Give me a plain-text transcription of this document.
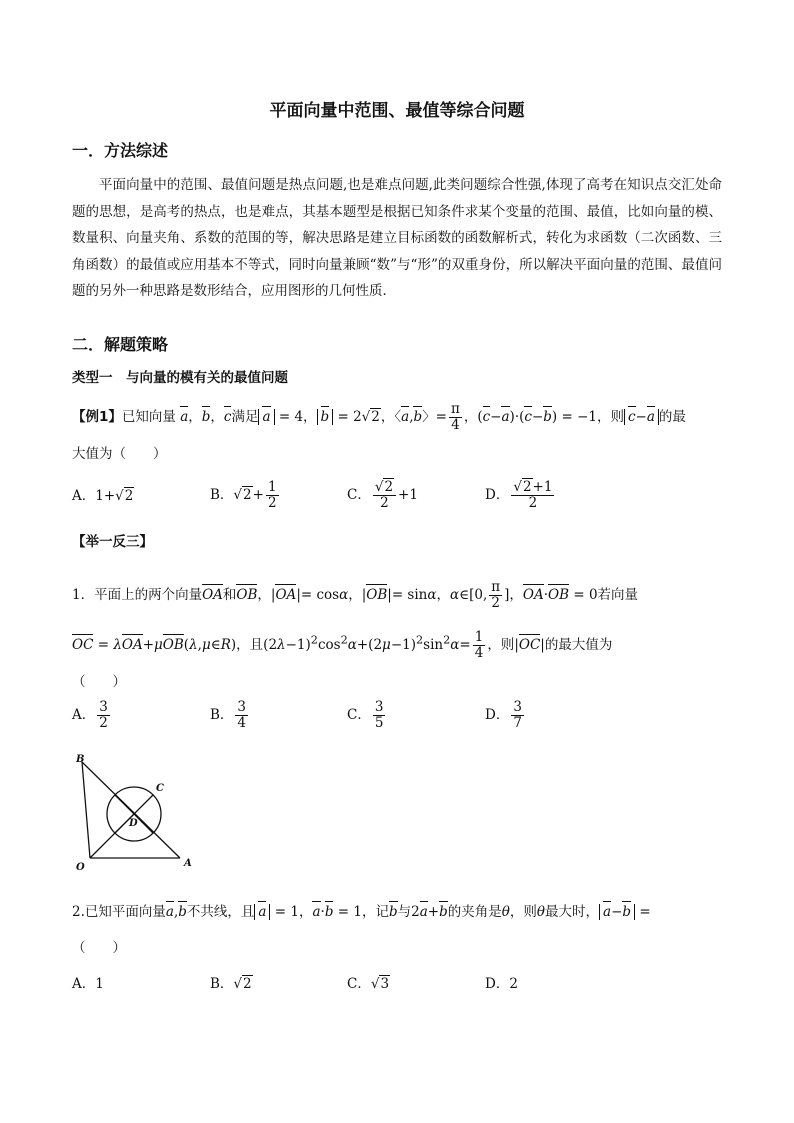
平面向量中范围、最值等综合问题
一．方法综述
平面向量中的范围、最值问题是热点问题,也是难点问题,此类问题综合性强,体现了高考在知识点交汇处命题的思想，是高考的热点，也是难点，其基本题型是根据已知条件求某个变量的范围、最值，比如向量的模、数量积、向量夹角、系数的范围的等，解决思路是建立目标函数的函数解析式，转化为求函数（二次函数、三角函数）的最值或应用基本不等式，同时向量兼顾“数”与“形”的双重身份，所以解决平面向量的范围、最值问题的另外一种思路是数形结合，应用图形的几何性质．
二．解题策略
类型一　与向量的模有关的最值问题
【例1】已知向量 a，b，c满足 a = 4， b = 2√2，〈a,b〉= $\frac{\pi}{4}$ ，(c−a)·(c−b) = −1，则 c−a 的最
大值为（　　）
A．1+√2	B．$√2+ \frac{1}{2}$	C． $\frac{√2}{2} +1$	D． $\frac{√2+1}{2}$
【举一反三】
1．平面上的两个向量OA和OB，|OA|= cosα，|OB|= sinα，α∈[0, $\frac{\pi}{2}$ ]，OA·OB = 0若向量
OC = λOA+μOB(λ,μ∈R)，且$(2\lambda-1)^2\cos^2\alpha+(2\mu-1)^2\sin^2\alpha= \frac{1}{4}$ ，则|OC|的最大值为
（　　）
A． $\frac{3}{2}$	B． $\frac{3}{4}$	C． $\frac{3}{5}$	D． $\frac{3}{7}$
B
C
D
O	A
2.已知平面向量a,b不共线，且 a = 1，a·b = 1，记b与2a+b的夹角是θ，则θ最大时， a−b =
（　　）
A．1	B．√2	C．√3	D．2
